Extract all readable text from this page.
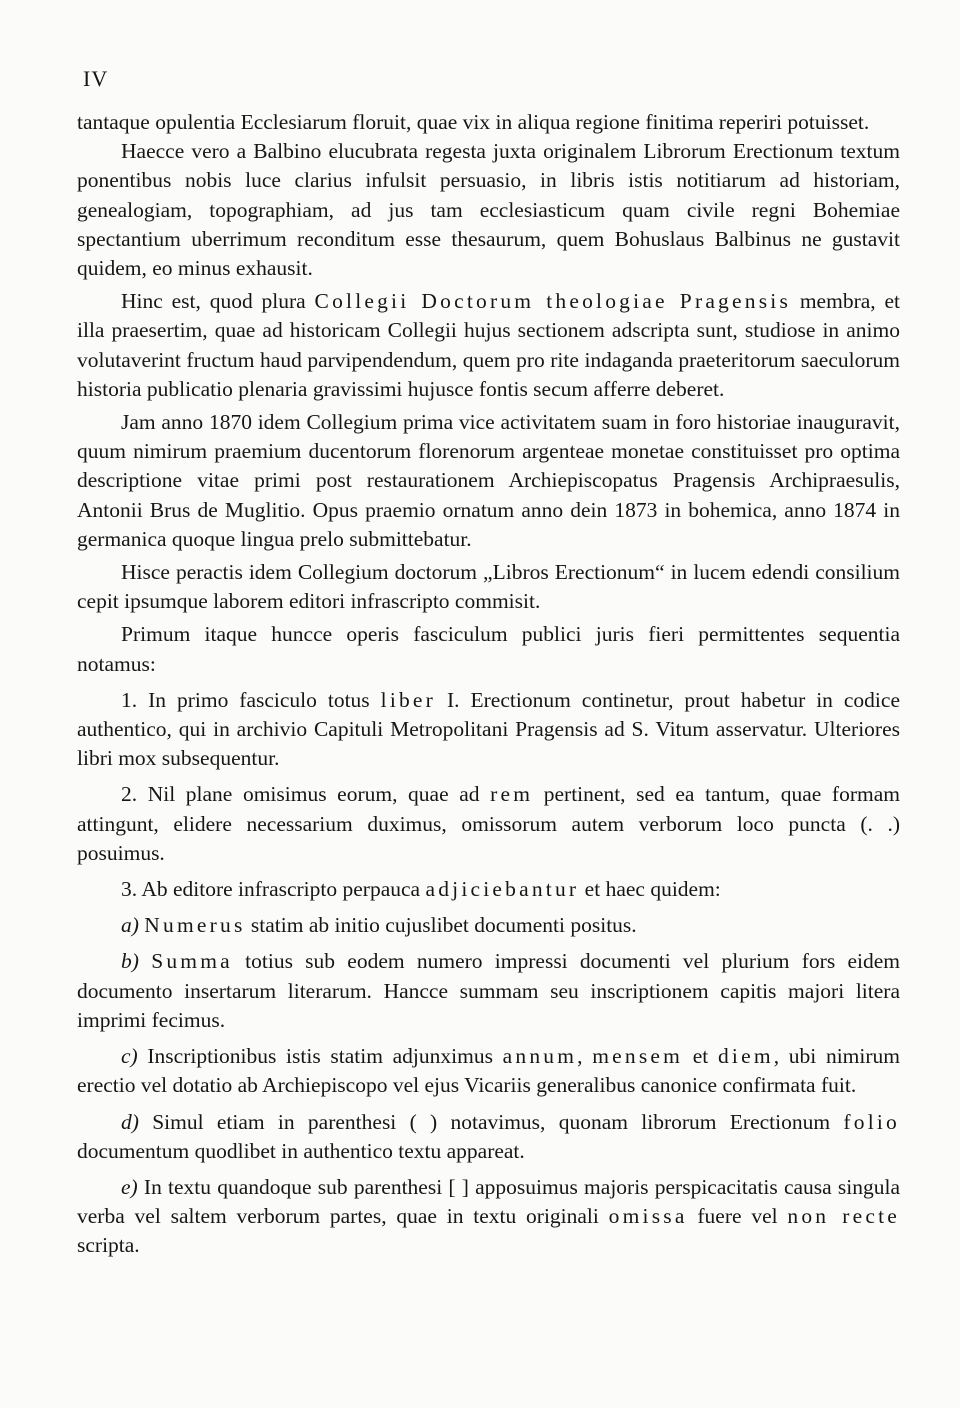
IV

tantaque opulentia Ecclesiarum floruit, quae vix in aliqua regione finitima reperiri potuisset.

Haecce vero a Balbino elucubrata regesta juxta originalem Librorum Erectionum textum ponentibus nobis luce clarius infulsit persuasio, in libris istis notitiarum ad historiam, genealogiam, topographiam, ad jus tam ecclesiasticum quam civile regni Bohemiae spectantium uberrimum reconditum esse thesaurum, quem Bohuslaus Balbinus ne gustavit quidem, eo minus exhausit.

Hinc est, quod plura Collegii Doctorum theologiae Pragensis membra, et illa praesertim, quae ad historicam Collegii hujus sectionem adscripta sunt, studiose in animo volutaverint fructum haud parvipendendum, quem pro rite indaganda praeteritorum saeculorum historia publicatio plenaria gravissimi hujusce fontis secum afferre deberet.

Jam anno 1870 idem Collegium prima vice activitatem suam in foro historiae inauguravit, quum nimirum praemium ducentorum florenorum argenteae monetae constituisset pro optima descriptione vitae primi post restaurationem Archiepiscopatus Pragensis Archipraesulis, Antonii Brus de Muglitio. Opus praemio ornatum anno dein 1873 in bohemica, anno 1874 in germanica quoque lingua prelo submittebatur.

Hisce peractis idem Collegium doctorum „Libros Erectionum“ in lucem edendi consilium cepit ipsumque laborem editori infrascripto commisit.

Primum itaque huncce operis fasciculum publici juris fieri permittentes sequentia notamus:

1. In primo fasciculo totus liber I. Erectionum continetur, prout habetur in codice authentico, qui in archivio Capituli Metropolitani Pragensis ad S. Vitum asservatur. Ulteriores libri mox subsequentur.

2. Nil plane omisimus eorum, quae ad rem pertinent, sed ea tantum, quae formam attingunt, elidere necessarium duximus, omissorum autem verborum loco puncta (. .) posuimus.

3. Ab editore infrascripto perpauca adjiciebantur et haec quidem:

a) Numerus statim ab initio cujuslibet documenti positus.

b) Summa totius sub eodem numero impressi documenti vel plurium fors eidem documento insertarum literarum. Hancce summam seu inscriptionem capitis majori litera imprimi fecimus.

c) Inscriptionibus istis statim adjunximus annum, mensem et diem, ubi nimirum erectio vel dotatio ab Archiepiscopo vel ejus Vicariis generalibus canonice confirmata fuit.

d) Simul etiam in parenthesi ( ) notavimus, quonam librorum Erectionum folio documentum quodlibet in authentico textu appareat.

e) In textu quandoque sub parenthesi [ ] apposuimus majoris perspicacitatis causa singula verba vel saltem verborum partes, quae in textu originali omissa fuere vel non recte scripta.
